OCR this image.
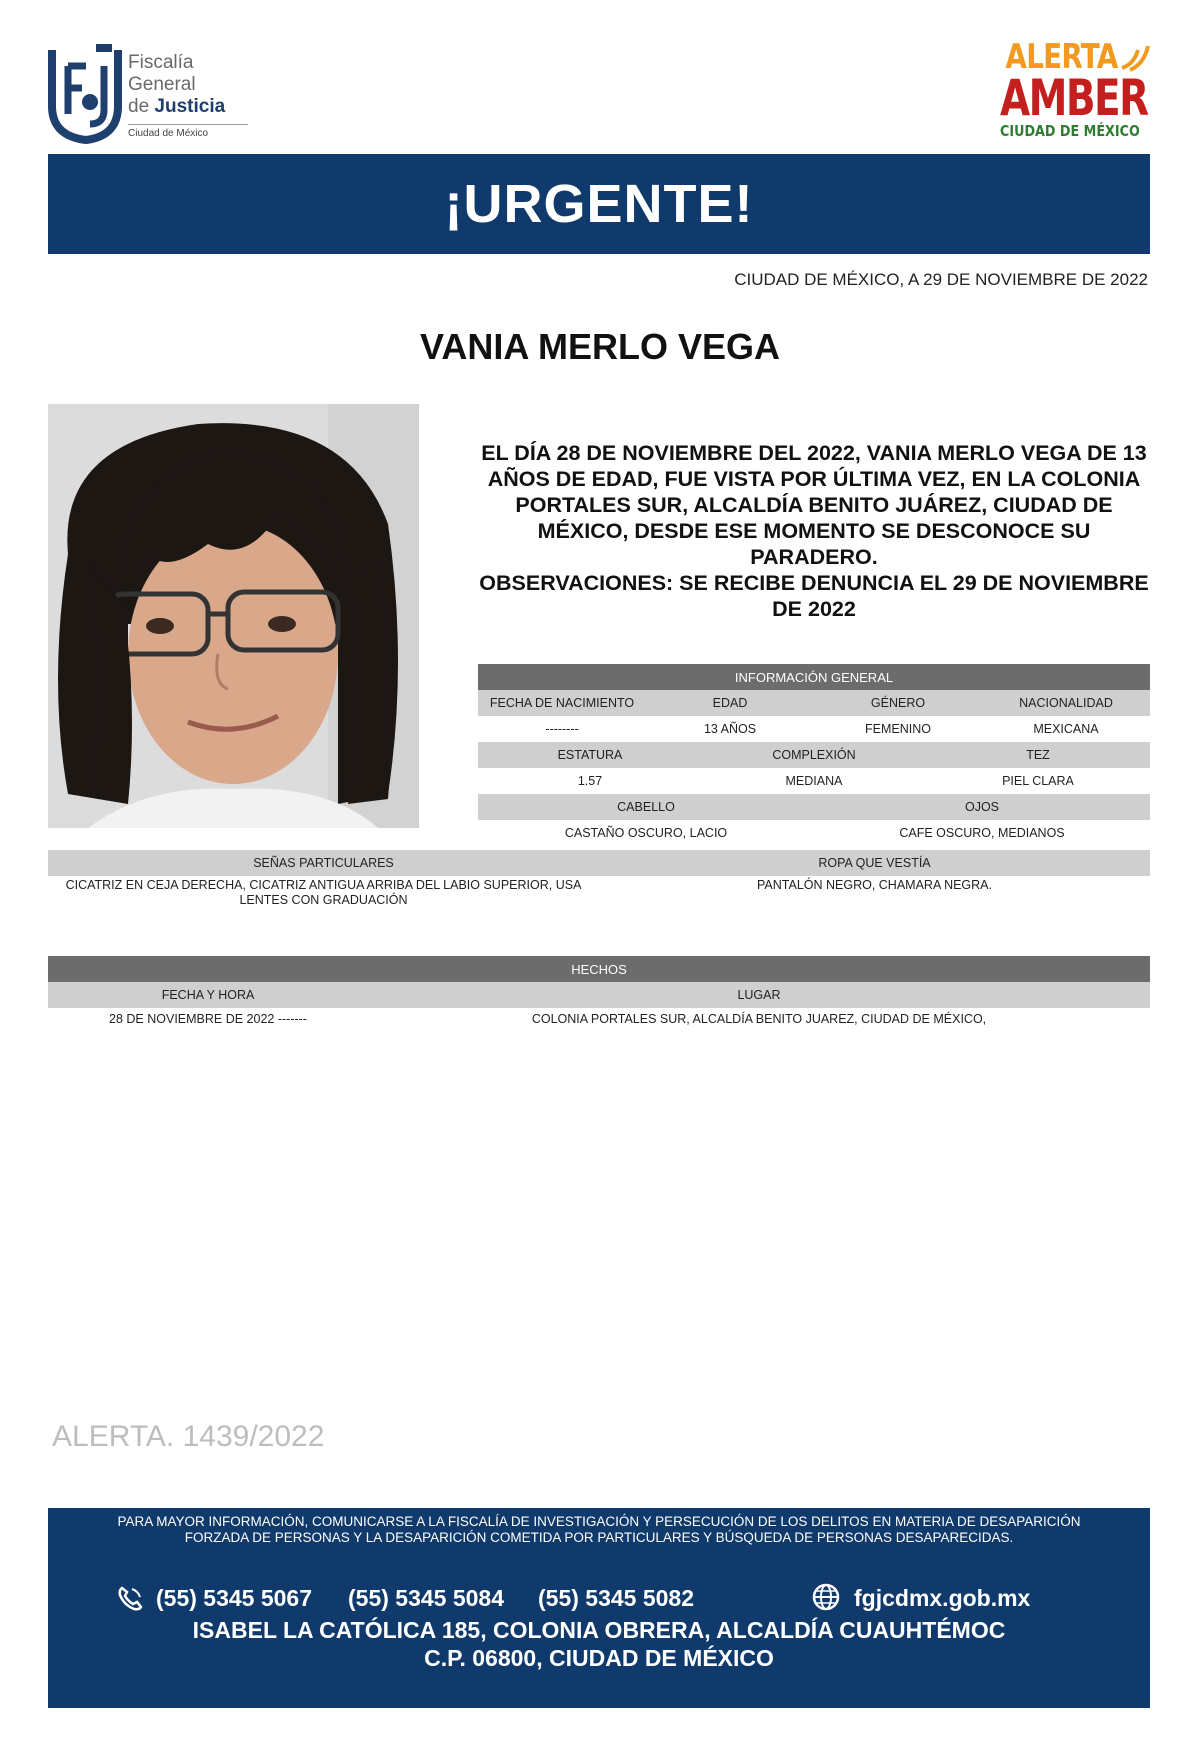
Fiscalía
General
de Justicia
Ciudad de México
ALERTA
AMBER
CIUDAD DE MÉXICO
¡URGENTE!
CIUDAD DE MÉXICO, A 29 DE NOVIEMBRE DE 2022
VANIA MERLO VEGA

EL DÍA 28 DE NOVIEMBRE DEL 2022, VANIA MERLO VEGA DE 13 AÑOS DE EDAD, FUE VISTA POR ÚLTIMA VEZ, EN LA COLONIA PORTALES SUR, ALCALDÍA BENITO JUÁREZ, CIUDAD DE MÉXICO, DESDE ESE MOMENTO SE DESCONOCE SU PARADERO.

OBSERVACIONES: SE RECIBE DENUNCIA EL 29 DE NOVIEMBRE DE 2022

INFORMACIÓN GENERAL
FECHA DE NACIMIENTO	EDAD	GÉNERO	NACIONALIDAD
--------	13 AÑOS	FEMENINO	MEXICANA
ESTATURA	COMPLEXIÓN	TEZ
1.57	MEDIANA	PIEL CLARA
CABELLO	OJOS
CASTAÑO OSCURO, LACIO	CAFE OSCURO, MEDIANOS
SEÑAS PARTICULARES	ROPA QUE VESTÍA
CICATRIZ EN CEJA DERECHA, CICATRIZ ANTIGUA ARRIBA DEL LABIO SUPERIOR, USA LENTES CON GRADUACIÓN
PANTALÓN NEGRO, CHAMARA NEGRA.
HECHOS
FECHA Y HORA	LUGAR
28 DE NOVIEMBRE DE 2022 -------	COLONIA PORTALES SUR, ALCALDÍA BENITO JUAREZ, CIUDAD DE MÉXICO,
ALERTA. 1439/2022
PARA MAYOR INFORMACIÓN, COMUNICARSE A LA FISCALÍA DE INVESTIGACIÓN Y PERSECUCIÓN DE LOS DELITOS EN MATERIA DE DESAPARICIÓN FORZADA DE PERSONAS Y LA DESAPARICIÓN COMETIDA POR PARTICULARES Y BÚSQUEDA DE PERSONAS DESAPARECIDAS.
(55) 5345 5067 (55) 5345 5084 (55) 5345 5082	fgjcdmx.gob.mx
ISABEL LA CATÓLICA 185, COLONIA OBRERA, ALCALDÍA CUAUHTÉMOC
C.P. 06800, CIUDAD DE MÉXICO
